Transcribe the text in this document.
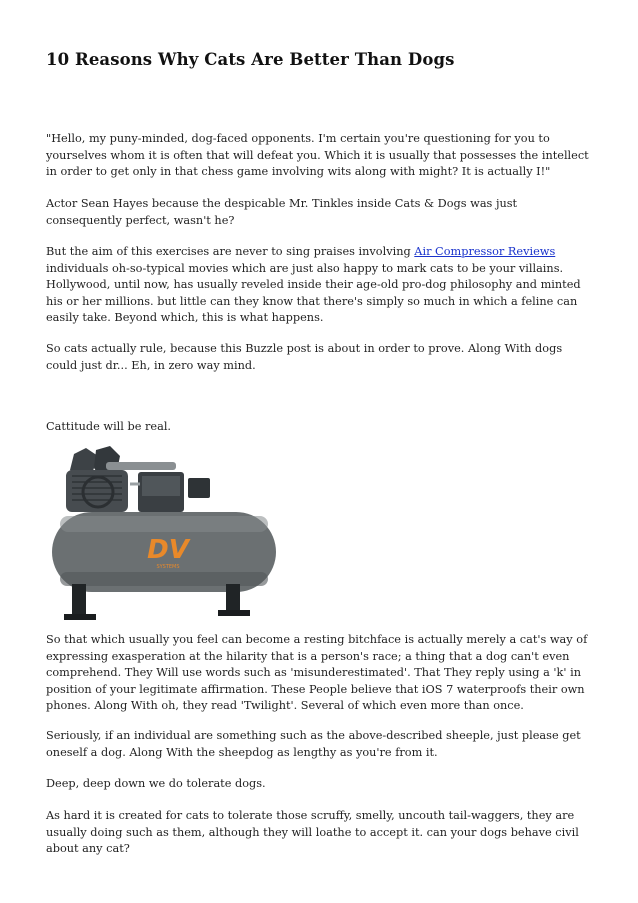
10 Reasons Why Cats Are Better Than Dogs

"Hello, my puny-minded, dog-faced opponents. I'm certain you're questioning for you to yourselves whom it is often that will defeat you. Which it is usually that possesses the intellect in order to get only in that chess game involving wits along with might? It is actually I!"

Actor Sean Hayes because the despicable Mr. Tinkles inside Cats & Dogs was just consequently perfect, wasn't he?

But the aim of this exercises are never to sing praises involving Air Compressor Reviews individuals oh-so-typical movies which are just also happy to mark cats to be your villains. Hollywood, until now, has usually reveled inside their age-old pro-dog philosophy and minted his or her millions. but little can they know that there's simply so much in which a feline can easily take. Beyond which, this is what happens.

So cats actually rule, because this Buzzle post is about in order to prove. Along With dogs could just dr... Eh, in zero way mind.

Cattitude will be real.

DV
SYSTEMS

So that which usually you feel can become a resting bitchface is actually merely a cat's way of expressing exasperation at the hilarity that is a person's race; a thing that a dog can't even comprehend. They Will use words such as 'misunderestimated'. That They reply using a 'k' in position of your legitimate affirmation. These People believe that iOS 7 waterproofs their own phones. Along With oh, they read 'Twilight'. Several of which even more than once.

Seriously, if an individual are something such as the above-described sheeple, just please get oneself a dog. Along With the sheepdog as lengthy as you're from it.

Deep, deep down we do tolerate dogs.

As hard it is created for cats to tolerate those scruffy, smelly, uncouth tail-waggers, they are usually doing such as them, although they will loathe to accept it. can your dogs behave civil about any cat?
